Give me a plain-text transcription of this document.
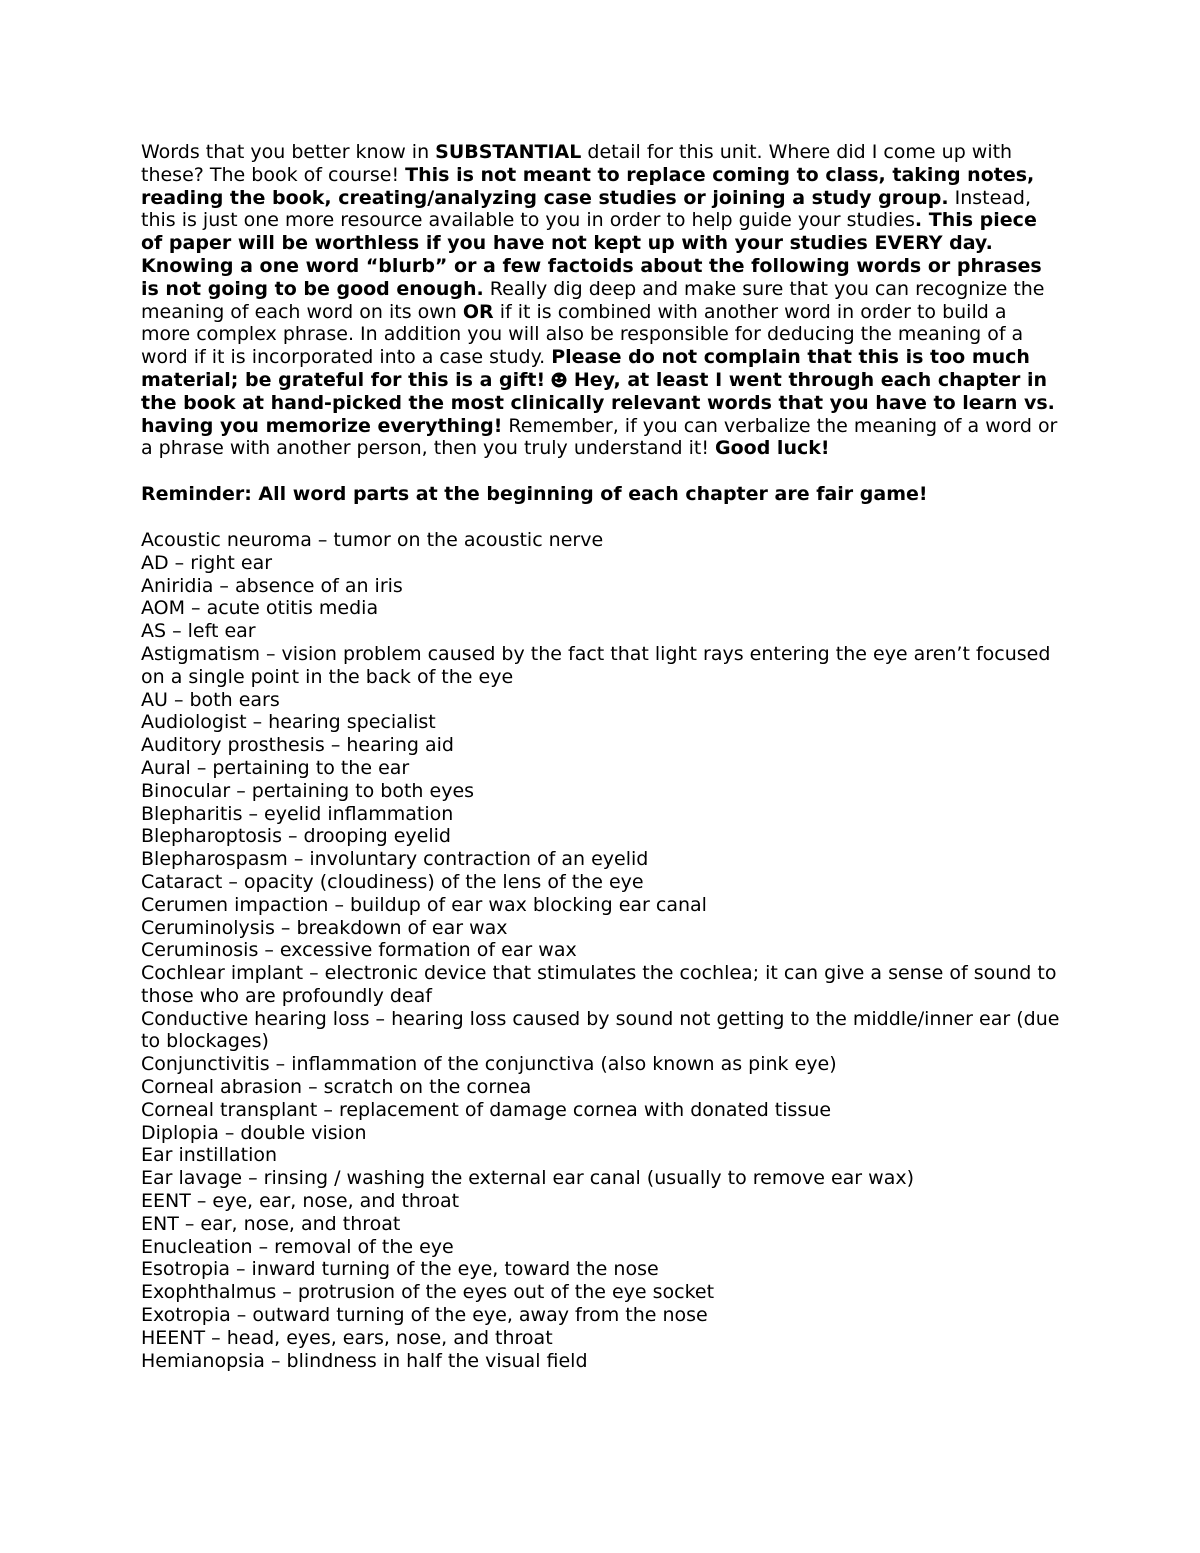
Words that you better know in SUBSTANTIAL detail for this unit. Where did I come up with these? The book of course! This is not meant to replace coming to class, taking notes, reading the book, creating/analyzing case studies or joining a study group. Instead, this is just one more resource available to you in order to help guide your studies. This piece of paper will be worthless if you have not kept up with your studies EVERY day. Knowing a one word “blurb” or a few factoids about the following words or phrases is not going to be good enough. Really dig deep and make sure that you can recognize the meaning of each word on its own OR if it is combined with another word in order to build a more complex phrase. In addition you will also be responsible for deducing the meaning of a word if it is incorporated into a case study. Please do not complain that this is too much material; be grateful for this is a gift!  Hey, at least I went through each chapter in the book at hand-picked the most clinically relevant words that you have to learn vs. having you memorize everything! Remember, if you can verbalize the meaning of a word or a phrase with another person, then you truly understand it! Good luck!

Reminder: All word parts at the beginning of each chapter are fair game!

Acoustic neuroma – tumor on the acoustic nerve

AD – right ear

Aniridia – absence of an iris

AOM – acute otitis media

AS – left ear

Astigmatism – vision problem caused by the fact that light rays entering the eye aren’t focused on a single point in the back of the eye

AU – both ears

Audiologist – hearing specialist

Auditory prosthesis – hearing aid

Aural – pertaining to the ear

Binocular – pertaining to both eyes

Blepharitis – eyelid inflammation

Blepharoptosis – drooping eyelid

Blepharospasm – involuntary contraction of an eyelid

Cataract – opacity (cloudiness) of the lens of the eye

Cerumen impaction – buildup of ear wax blocking ear canal

Ceruminolysis – breakdown of ear wax

Ceruminosis – excessive formation of ear wax

Cochlear implant – electronic device that stimulates the cochlea; it can give a sense of sound to those who are profoundly deaf

Conductive hearing loss – hearing loss caused by sound not getting to the middle/inner ear (due to blockages)

Conjunctivitis – inflammation of the conjunctiva (also known as pink eye)

Corneal abrasion – scratch on the cornea

Corneal transplant – replacement of damage cornea with donated tissue

Diplopia – double vision

Ear instillation

Ear lavage – rinsing / washing the external ear canal (usually to remove ear wax)

EENT – eye, ear, nose, and throat

ENT – ear, nose, and throat

Enucleation – removal of the eye

Esotropia – inward turning of the eye, toward the nose

Exophthalmus – protrusion of the eyes out of the eye socket

Exotropia – outward turning of the eye, away from the nose

HEENT – head, eyes, ears, nose, and throat

Hemianopsia – blindness in half the visual field
